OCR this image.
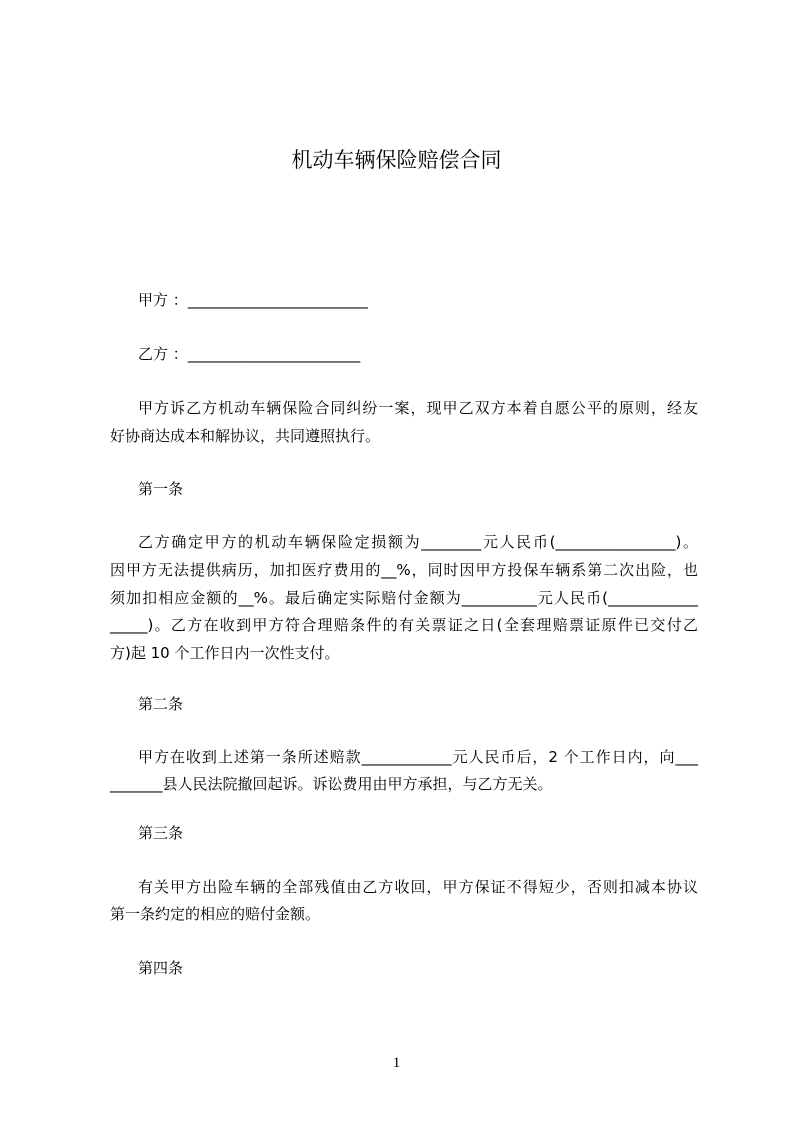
机动车辆保险赔偿合同
甲方 ：________________________
乙方 ：_______________________
甲方诉乙方机动车辆保险合同纠纷一案，现甲乙双方本着自愿公平的原则，经友
好协商达成本和解协议，共同遵照执行。
第一条
乙方确定甲方的机动车辆保险定损额为________元人民币(________________)。
因甲方无法提供病历，加扣医疗费用的__%，同时因甲方投保车辆系第二次出险，也
须加扣相应金额的__%。最后确定实际赔付金额为__________元人民币(____________
_____)。乙方在收到甲方符合理赔条件的有关票证之日(全套理赔票证原件已交付乙
方)起 10 个工作日内一次性支付。
第二条
甲方在收到上述第一条所述赔款____________元人民币后，2 个工作日内，向___
_______县人民法院撤回起诉。诉讼费用由甲方承担，与乙方无关。
第三条
有关甲方出险车辆的全部残值由乙方收回，甲方保证不得短少，否则扣减本协议
第一条约定的相应的赔付金额。
第四条
1
